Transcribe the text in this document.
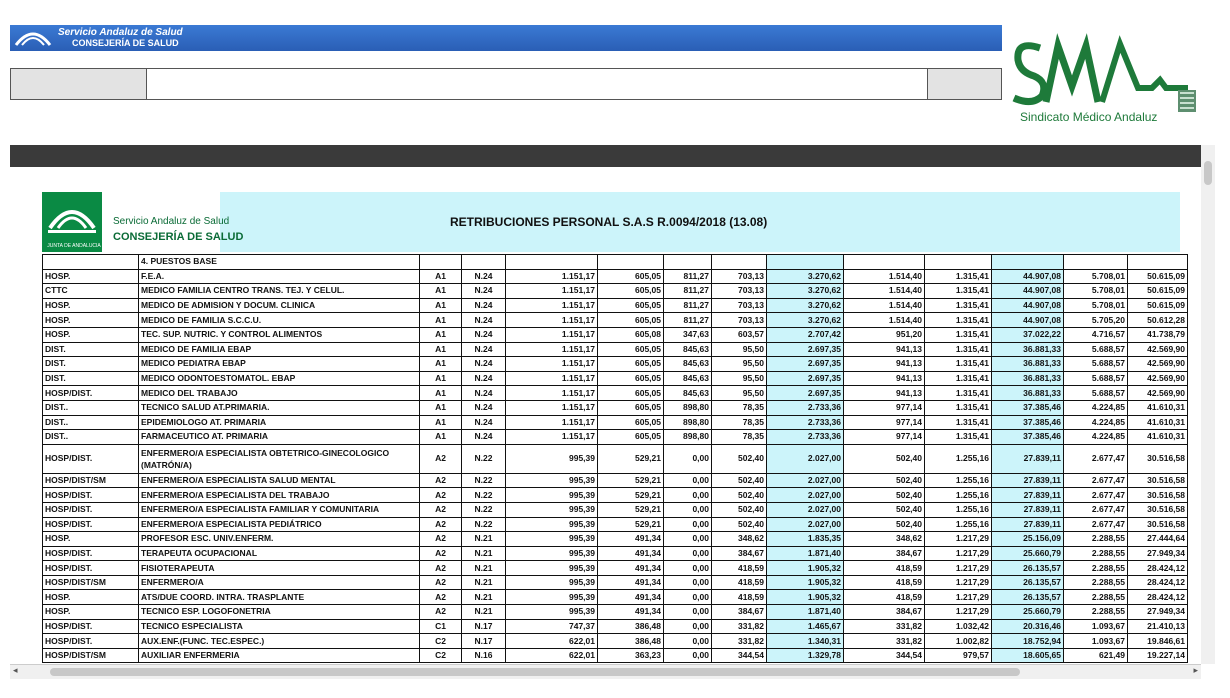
Servicio Andaluz de Salud
CONSEJERÍA DE SALUD
Sindicato Médico Andaluz
JUNTA DE ANDALUCIA
Servicio Andaluz de Salud
CONSEJERÍA DE SALUD
RETRIBUCIONES PERSONAL S.A.S R.0094/2018 (13.08)
	4. PUESTOS BASE												
HOSP.	F.E.A.	A1	N.24	1.151,17	605,05	811,27	703,13	3.270,62	1.514,40	1.315,41	44.907,08	5.708,01	50.615,09
CTTC	MEDICO FAMILIA CENTRO TRANS. TEJ. Y CELUL.	A1	N.24	1.151,17	605,05	811,27	703,13	3.270,62	1.514,40	1.315,41	44.907,08	5.708,01	50.615,09
HOSP.	MEDICO DE ADMISION Y DOCUM. CLINICA	A1	N.24	1.151,17	605,05	811,27	703,13	3.270,62	1.514,40	1.315,41	44.907,08	5.708,01	50.615,09
HOSP.	MEDICO DE FAMILIA S.C.C.U.	A1	N.24	1.151,17	605,05	811,27	703,13	3.270,62	1.514,40	1.315,41	44.907,08	5.705,20	50.612,28
HOSP.	TEC. SUP. NUTRIC. Y CONTROL ALIMENTOS	A1	N.24	1.151,17	605,08	347,63	603,57	2.707,42	951,20	1.315,41	37.022,22	4.716,57	41.738,79
DIST.	MEDICO DE FAMILIA EBAP	A1	N.24	1.151,17	605,05	845,63	95,50	2.697,35	941,13	1.315,41	36.881,33	5.688,57	42.569,90
DIST.	MEDICO PEDIATRA EBAP	A1	N.24	1.151,17	605,05	845,63	95,50	2.697,35	941,13	1.315,41	36.881,33	5.688,57	42.569,90
DIST.	MEDICO ODONTOESTOMATOL. EBAP	A1	N.24	1.151,17	605,05	845,63	95,50	2.697,35	941,13	1.315,41	36.881,33	5.688,57	42.569,90
HOSP/DIST.	MEDICO DEL TRABAJO	A1	N.24	1.151,17	605,05	845,63	95,50	2.697,35	941,13	1.315,41	36.881,33	5.688,57	42.569,90
DIST..	TECNICO SALUD AT.PRIMARIA.	A1	N.24	1.151,17	605,05	898,80	78,35	2.733,36	977,14	1.315,41	37.385,46	4.224,85	41.610,31
DIST..	EPIDEMIOLOGO AT. PRIMARIA	A1	N.24	1.151,17	605,05	898,80	78,35	2.733,36	977,14	1.315,41	37.385,46	4.224,85	41.610,31
DIST..	FARMACEUTICO AT. PRIMARIA	A1	N.24	1.151,17	605,05	898,80	78,35	2.733,36	977,14	1.315,41	37.385,46	4.224,85	41.610,31
HOSP/DIST.	ENFERMERO/A ESPECIALISTA OBTETRICO-GINECOLOGICO (MATRÓN/A)	A2	N.22	995,39	529,21	0,00	502,40	2.027,00	502,40	1.255,16	27.839,11	2.677,47	30.516,58
HOSP/DIST/SM	ENFERMERO/A ESPECIALISTA SALUD MENTAL	A2	N.22	995,39	529,21	0,00	502,40	2.027,00	502,40	1.255,16	27.839,11	2.677,47	30.516,58
HOSP/DIST.	ENFERMERO/A ESPECIALISTA DEL TRABAJO	A2	N.22	995,39	529,21	0,00	502,40	2.027,00	502,40	1.255,16	27.839,11	2.677,47	30.516,58
HOSP/DIST.	ENFERMERO/A ESPECIALISTA FAMILIAR Y COMUNITARIA	A2	N.22	995,39	529,21	0,00	502,40	2.027,00	502,40	1.255,16	27.839,11	2.677,47	30.516,58
HOSP/DIST.	ENFERMERO/A ESPECIALISTA PEDIÁTRICO	A2	N.22	995,39	529,21	0,00	502,40	2.027,00	502,40	1.255,16	27.839,11	2.677,47	30.516,58
HOSP.	PROFESOR ESC. UNIV.ENFERM.	A2	N.21	995,39	491,34	0,00	348,62	1.835,35	348,62	1.217,29	25.156,09	2.288,55	27.444,64
HOSP/DIST.	TERAPEUTA OCUPACIONAL	A2	N.21	995,39	491,34	0,00	384,67	1.871,40	384,67	1.217,29	25.660,79	2.288,55	27.949,34
HOSP/DIST.	FISIOTERAPEUTA	A2	N.21	995,39	491,34	0,00	418,59	1.905,32	418,59	1.217,29	26.135,57	2.288,55	28.424,12
HOSP/DIST/SM	ENFERMERO/A	A2	N.21	995,39	491,34	0,00	418,59	1.905,32	418,59	1.217,29	26.135,57	2.288,55	28.424,12
HOSP.	ATS/DUE COORD. INTRA. TRASPLANTE	A2	N.21	995,39	491,34	0,00	418,59	1.905,32	418,59	1.217,29	26.135,57	2.288,55	28.424,12
HOSP.	TECNICO ESP. LOGOFONETRIA	A2	N.21	995,39	491,34	0,00	384,67	1.871,40	384,67	1.217,29	25.660,79	2.288,55	27.949,34
HOSP/DIST.	TECNICO ESPECIALISTA	C1	N.17	747,37	386,48	0,00	331,82	1.465,67	331,82	1.032,42	20.316,46	1.093,67	21.410,13
HOSP/DIST.	AUX.ENF.(FUNC. TEC.ESPEC.)	C2	N.17	622,01	386,48	0,00	331,82	1.340,31	331,82	1.002,82	18.752,94	1.093,67	19.846,61
HOSP/DIST/SM	AUXILIAR ENFERMERIA	C2	N.16	622,01	363,23	0,00	344,54	1.329,78	344,54	979,57	18.605,65	621,49	19.227,14
◂	▸
